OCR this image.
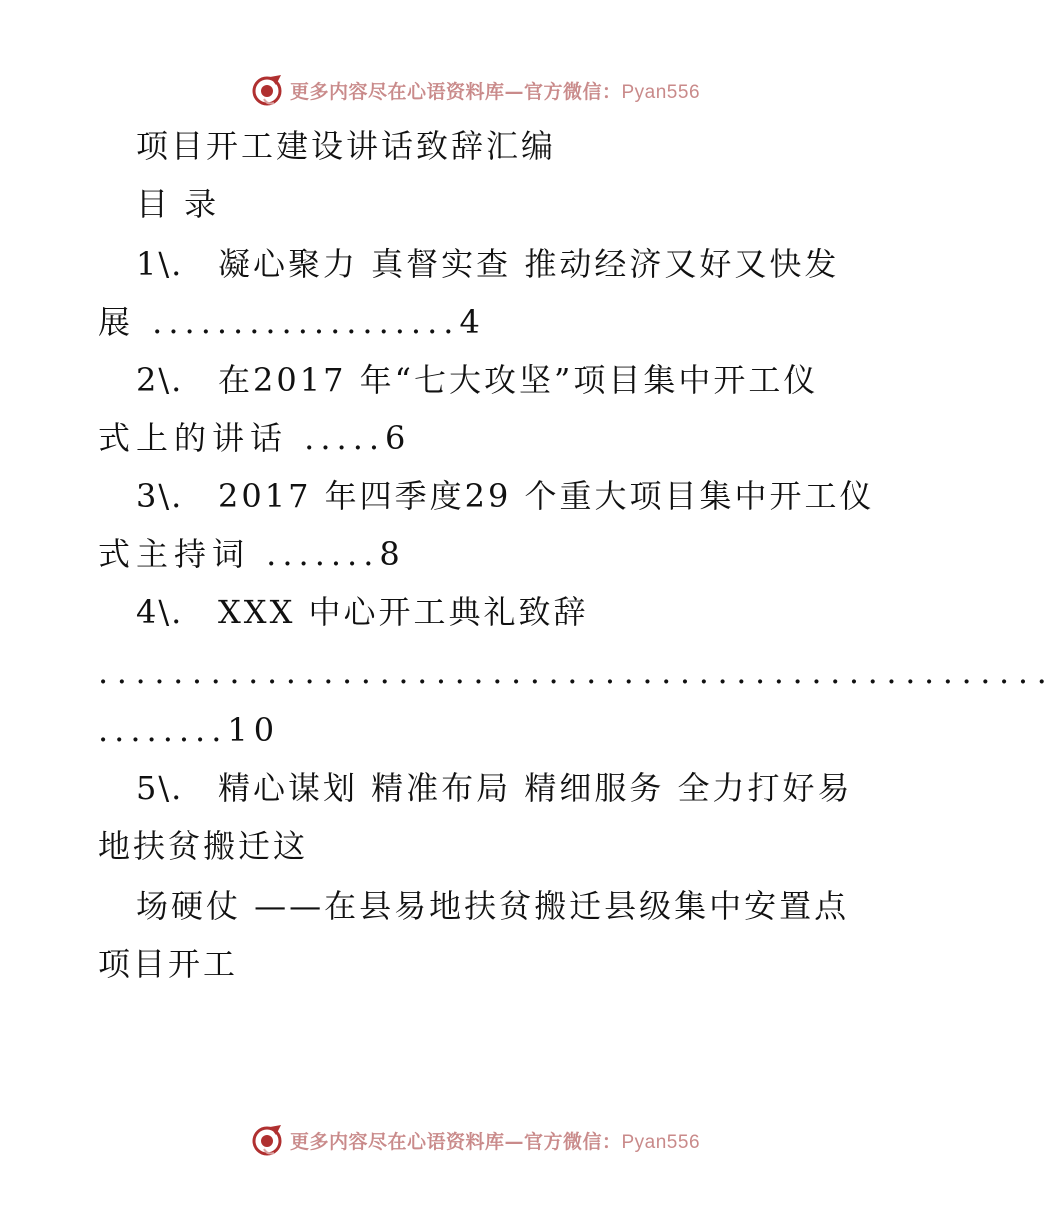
更多内容尽在心语资料库—官方微信：Pyan556
项目开工建设讲话致辞汇编
目 录
1\. 凝心聚力 真督实查 推动经济又好又快发
展 ...................4
2\. 在2017 年“七大攻坚”项目集中开工仪
式上的讲话 .....6
3\. 2017 年四季度29 个重大项目集中开工仪
式主持词 .......8
4\. XXX 中心开工典礼致辞
...................................................
........10
5\. 精心谋划 精准布局 精细服务 全力打好易
地扶贫搬迁这
场硬仗 ——在县易地扶贫搬迁县级集中安置点
项目开工
更多内容尽在心语资料库—官方微信：Pyan556
